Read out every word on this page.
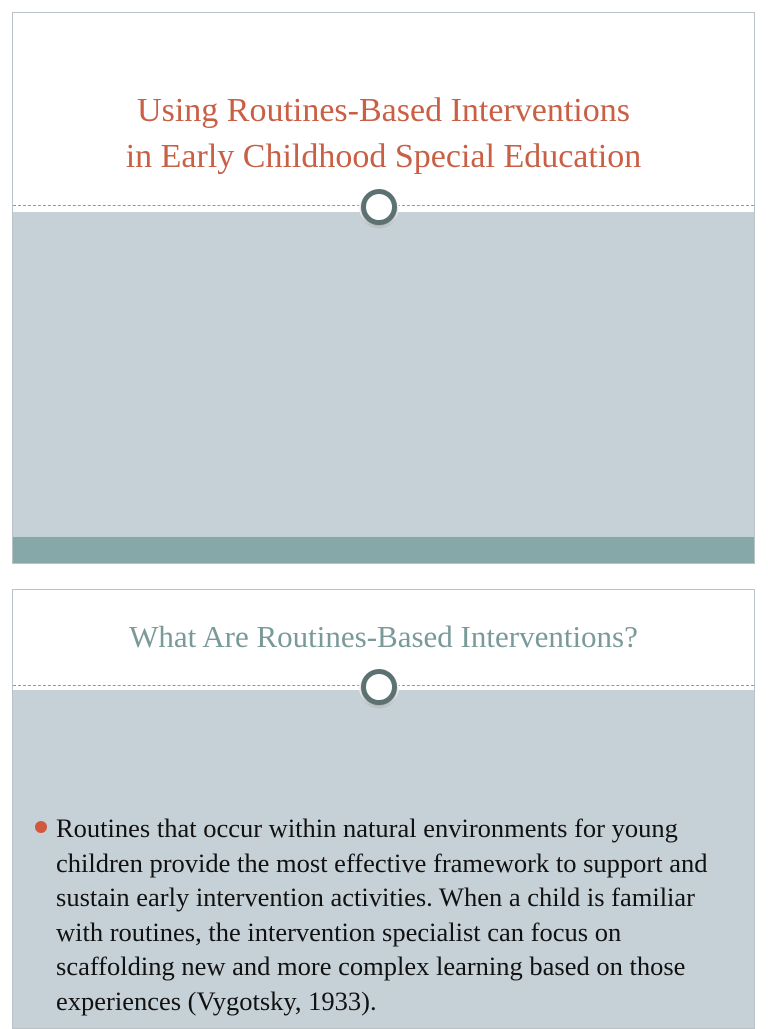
Using Routines-Based Interventions
in Early Childhood Special Education
What Are Routines-Based Interventions?
Routines that occur within natural environments for young children provide the most effective framework to support and sustain early intervention activities. When a child is familiar with routines, the intervention specialist can focus on scaffolding new and more complex learning based on those experiences (Vygotsky, 1933).
